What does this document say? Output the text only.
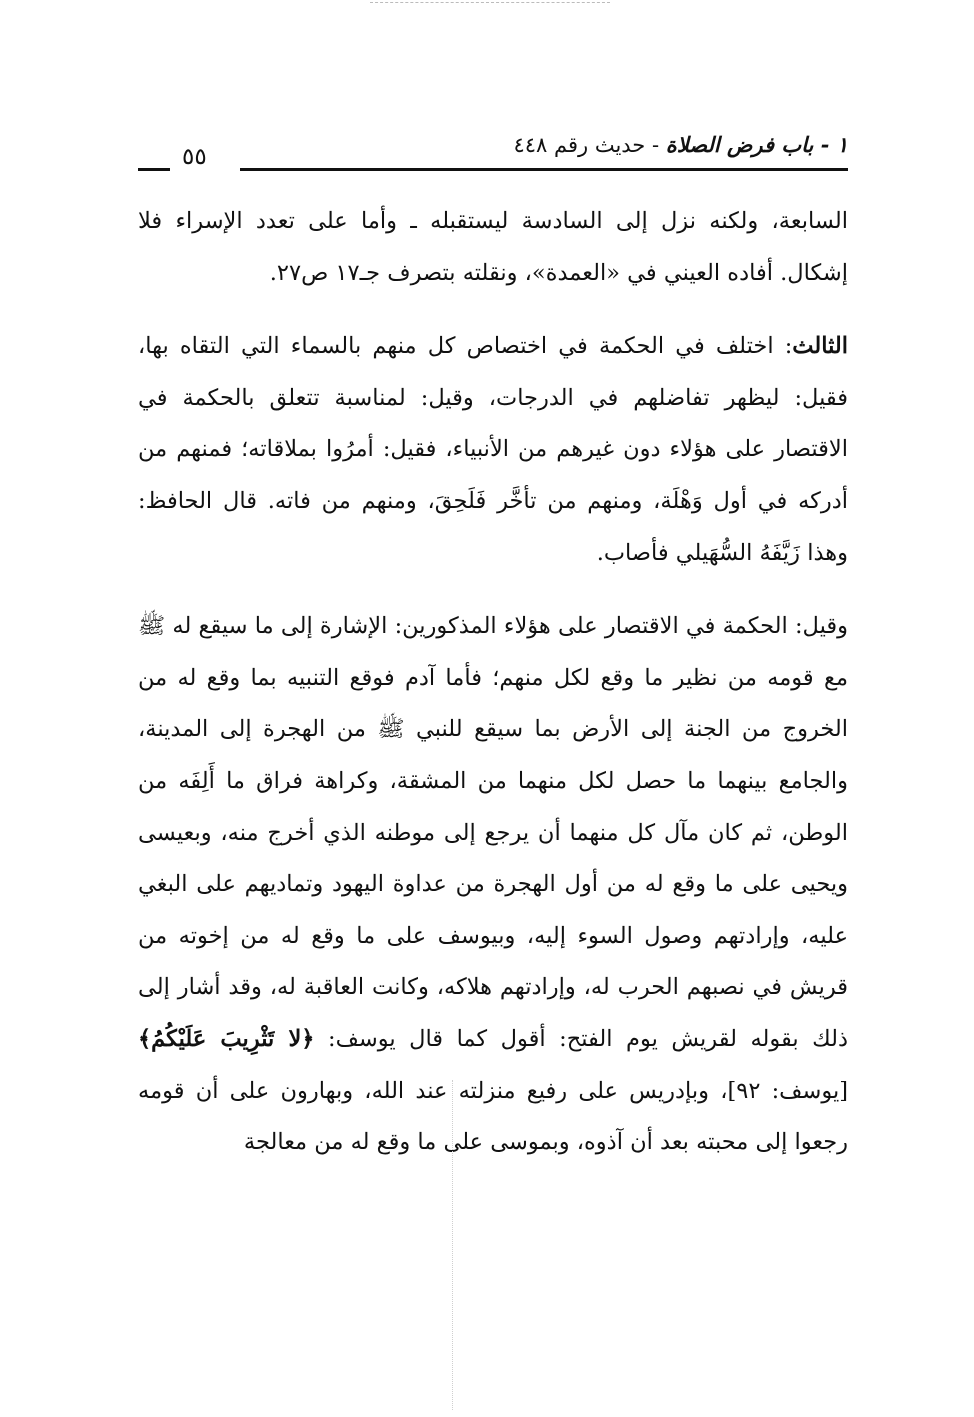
١ - باب فرض الصلاة - حديث رقم ٤٤٨
٥٥

السابعة، ولكنه نزل إلى السادسة ليستقبله ـ وأما على تعدد الإسراء فلا إشكال. أفاده العيني في «العمدة»، ونقلته بتصرف جـ١٧ ص٢٧.

الثالث: اختلف في الحكمة في اختصاص كل منهم بالسماء التي التقاه بها، فقيل: ليظهر تفاضلهم في الدرجات، وقيل: لمناسبة تتعلق بالحكمة في الاقتصار على هؤلاء دون غيرهم من الأنبياء، فقيل: أمرُوا بملاقاته؛ فمنهم من أدركه في أول وَهْلَة، ومنهم من تأخَّر فَلَحِقَ، ومنهم من فاته. قال الحافظ: وهذا زَيَّفَهُ السُّهَيلي فأصاب.

وقيل: الحكمة في الاقتصار على هؤلاء المذكورين: الإشارة إلى ما سيقع له ﷺ مع قومه من نظير ما وقع لكل منهم؛ فأما آدم فوقع التنبيه بما وقع له من الخروج من الجنة إلى الأرض بما سيقع للنبي ﷺ من الهجرة إلى المدينة، والجامع بينهما ما حصل لكل منهما من المشقة، وكراهة فراق ما أَلِفَه من الوطن، ثم كان مآل كل منهما أن يرجع إلى موطنه الذي أخرج منه، وبعيسى ويحيى على ما وقع له من أول الهجرة من عداوة اليهود وتماديهم على البغي عليه، وإرادتهم وصول السوء إليه، وبيوسف على ما وقع له من إخوته من قريش في نصبهم الحرب له، وإرادتهم هلاكه، وكانت العاقبة له، وقد أشار إلى ذلك بقوله لقريش يوم الفتح: أقول كما قال يوسف: ﴿لا تَثْرِيبَ عَلَيْكُمُ﴾ [يوسف: ٩٢]، وبإدريس على رفيع منزلته عند الله، وبهارون على أن قومه رجعوا إلى محبته بعد أن آذوه، وبموسى على ما وقع له من معالجة
